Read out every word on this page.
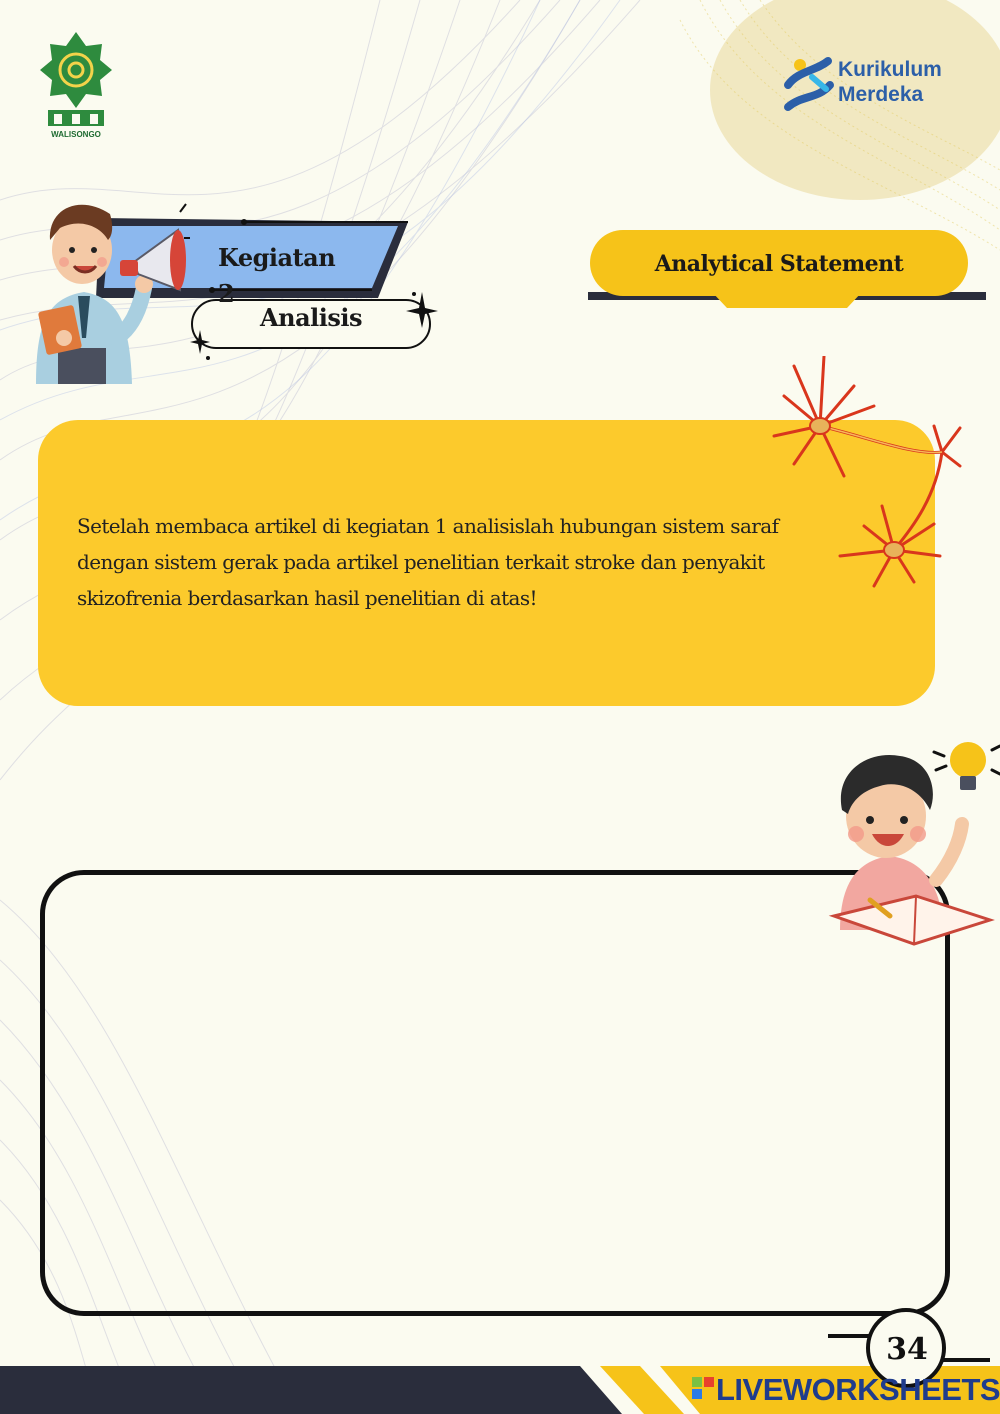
WALISONGO
Kurikulum
Merdeka
Kegiatan 2
Analisis
Analytical Statement
Setelah membaca artikel di kegiatan 1 analisislah hubungan sistem saraf dengan sistem gerak pada artikel penelitian terkait stroke dan penyakit skizofrenia berdasarkan hasil penelitian di atas!
34
LIVEWORKSHEETS
